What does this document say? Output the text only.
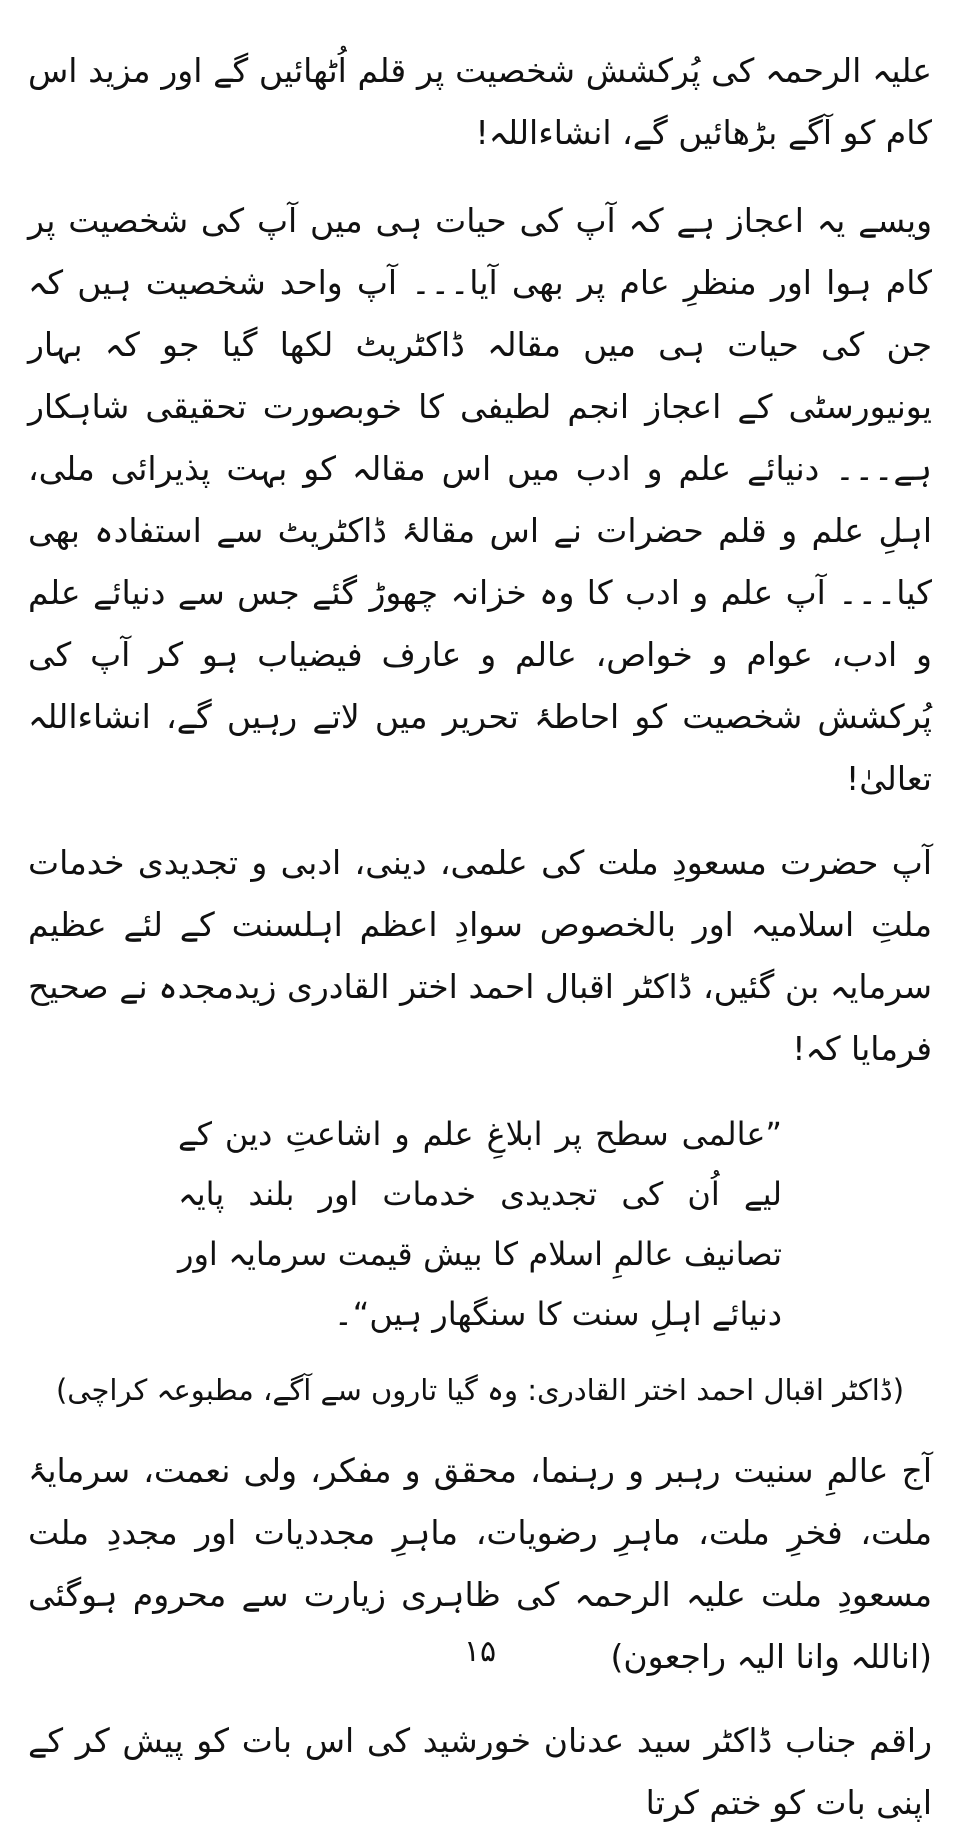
علیہ الرحمہ کی پُرکشش شخصیت پر قلم اُٹھائیں گے اور مزید اس کام کو آگے بڑھائیں گے، انشاءاللہ!

ویسے یہ اعجاز ہے کہ آپ کی حیات ہی میں آپ کی شخصیت پر کام ہوا اور منظرِ عام پر بھی آیا۔۔۔ آپ واحد شخصیت ہیں کہ جن کی حیات ہی میں مقالہ ڈاکٹریٹ لکھا گیا جو کہ بہار یونیورسٹی کے اعجاز انجم لطیفی کا خوبصورت تحقیقی شاہکار ہے۔۔۔ دنیائے علم و ادب میں اس مقالہ کو بہت پذیرائی ملی، اہلِ علم و قلم حضرات نے اس مقالۂ ڈاکٹریٹ سے استفادہ بھی کیا۔۔۔ آپ علم و ادب کا وہ خزانہ چھوڑ گئے جس سے دنیائے علم و ادب، عوام و خواص، عالم و عارف فیضیاب ہو کر آپ کی پُرکشش شخصیت کو احاطۂ تحریر میں لاتے رہیں گے، انشاءاللہ تعالیٰ!

آپ حضرت مسعودِ ملت کی علمی، دینی، ادبی و تجدیدی خدمات ملتِ اسلامیہ اور بالخصوص سوادِ اعظم اہلسنت کے لئے عظیم سرمایہ بن گئیں، ڈاکٹر اقبال احمد اختر القادری زیدمجدہ نے صحیح فرمایا کہ!

”عالمی سطح پر ابلاغِ علم و اشاعتِ دین کے لیے اُن کی تجدیدی خدمات اور بلند پایہ تصانیف عالمِ اسلام کا بیش قیمت سرمایہ اور دنیائے اہلِ سنت کا سنگھار ہیں“۔
(ڈاکٹر اقبال احمد اختر القادری: وہ گیا تاروں سے آگے، مطبوعہ کراچی)

آج عالمِ سنیت رہبر و رہنما، محقق و مفکر، ولی نعمت، سرمایۂ ملت، فخرِ ملت، ماہرِ رضویات، ماہرِ مجددیات اور مجددِ ملت مسعودِ ملت علیہ الرحمہ کی ظاہری زیارت سے محروم ہوگئی (اناللہ وانا الیہ راجعون)

راقم جناب ڈاکٹر سید عدنان خورشید کی اس بات کو پیش کر کے اپنی بات کو ختم کرتا

۱۵
